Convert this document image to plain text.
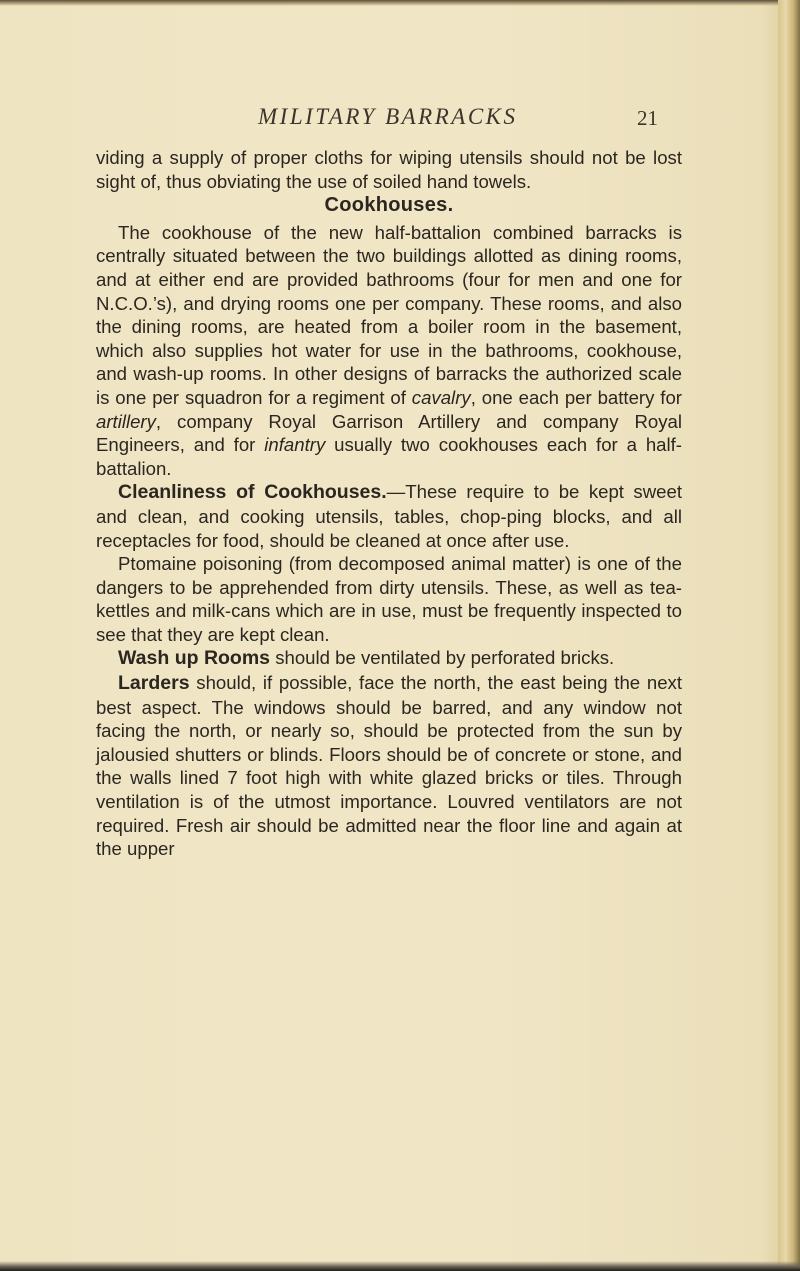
MILITARY BARRACKS	21

viding a supply of proper cloths for wiping utensils should not be lost sight of, thus obviating the use of soiled hand towels.

Cookhouses.

The cookhouse of the new half-battalion combined barracks is centrally situated between the two buildings allotted as dining rooms, and at either end are provided bathrooms (four for men and one for N.C.O.’s), and drying rooms one per company. These rooms, and also the dining rooms, are heated from a boiler room in the basement, which also supplies hot water for use in the bathrooms, cookhouse, and wash-up rooms. In other designs of barracks the authorized scale is one per squadron for a regiment of cavalry, one each per battery for artillery, company Royal Garrison Artillery and company Royal Engineers, and for infantry usually two cookhouses each for a half-battalion.

Cleanliness of Cookhouses.—These require to be kept sweet and clean, and cooking utensils, tables, chop-ping blocks, and all receptacles for food, should be cleaned at once after use.

Ptomaine poisoning (from decomposed animal matter) is one of the dangers to be apprehended from dirty utensils. These, as well as tea-kettles and milk-cans which are in use, must be frequently inspected to see that they are kept clean.

Wash up Rooms should be ventilated by perforated bricks.

Larders should, if possible, face the north, the east being the next best aspect. The windows should be barred, and any window not facing the north, or nearly so, should be protected from the sun by jalousied shutters or blinds. Floors should be of concrete or stone, and the walls lined 7 foot high with white glazed bricks or tiles. Through ventilation is of the utmost importance. Louvred ventilators are not required. Fresh air should be admitted near the floor line and again at the upper
